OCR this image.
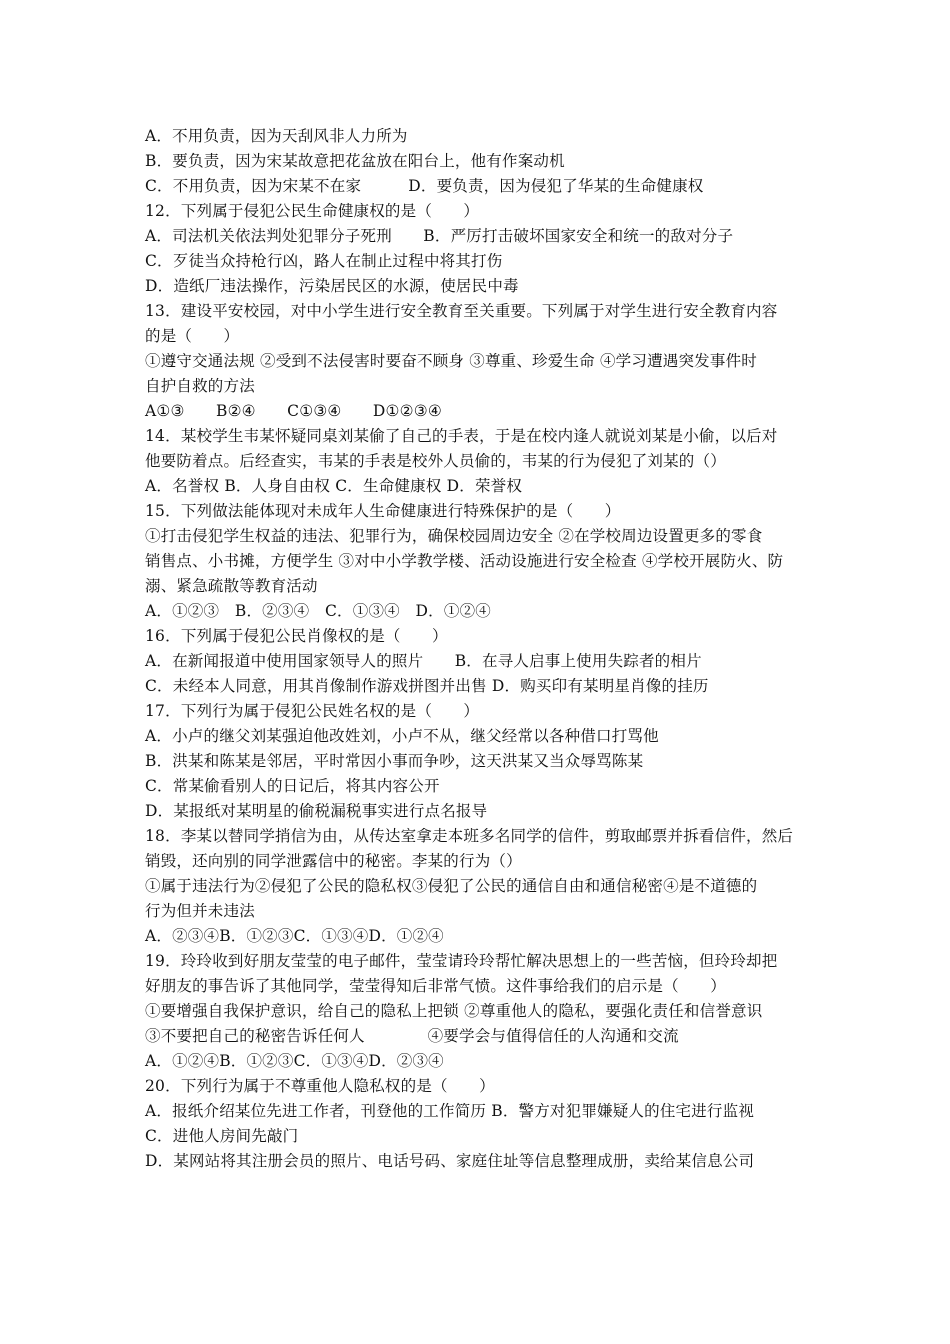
A．不用负责，因为天刮风非人力所为
B．要负责，因为宋某故意把花盆放在阳台上，他有作案动机
C．不用负责，因为宋某不在家　　　D．要负责，因为侵犯了华某的生命健康权
12．下列属于侵犯公民生命健康权的是（　　）
A．司法机关依法判处犯罪分子死刑　　B．严厉打击破坏国家安全和统一的敌对分子
C．歹徒当众持枪行凶，路人在制止过程中将其打伤
D．造纸厂违法操作，污染居民区的水源，使居民中毒
13．建设平安校园，对中小学生进行安全教育至关重要。下列属于对学生进行安全教育内容
的是（　　）
①遵守交通法规 ②受到不法侵害时要奋不顾身 ③尊重、珍爱生命 ④学习遭遇突发事件时
自护自救的方法
A①③　　B②④　　C①③④　　D①②③④
14．某校学生韦某怀疑同桌刘某偷了自己的手表，于是在校内逢人就说刘某是小偷，以后对
他要防着点。后经查实，韦某的手表是校外人员偷的，韦某的行为侵犯了刘某的（）
A．名誉权 B．人身自由权 C．生命健康权 D．荣誉权
15．下列做法能体现对未成年人生命健康进行特殊保护的是（　　）
①打击侵犯学生权益的违法、犯罪行为，确保校园周边安全 ②在学校周边设置更多的零食
销售点、小书摊，方便学生 ③对中小学教学楼、活动设施进行安全检查 ④学校开展防火、防
溺、紧急疏散等教育活动
A．①②③　B．②③④　C．①③④　D．①②④
16．下列属于侵犯公民肖像权的是（　　）
A．在新闻报道中使用国家领导人的照片　　B．在寻人启事上使用失踪者的相片
C．未经本人同意，用其肖像制作游戏拼图并出售 D．购买印有某明星肖像的挂历
17．下列行为属于侵犯公民姓名权的是（　　）
A．小卢的继父刘某强迫他改姓刘，小卢不从，继父经常以各种借口打骂他
B．洪某和陈某是邻居，平时常因小事而争吵，这天洪某又当众辱骂陈某
C．常某偷看别人的日记后，将其内容公开
D．某报纸对某明星的偷税漏税事实进行点名报导
18．李某以替同学捎信为由，从传达室拿走本班多名同学的信件，剪取邮票并拆看信件，然后
销毁，还向别的同学泄露信中的秘密。李某的行为（）
①属于违法行为②侵犯了公民的隐私权③侵犯了公民的通信自由和通信秘密④是不道德的
行为但并未违法
A．②③④B．①②③C．①③④D．①②④
19．玲玲收到好朋友莹莹的电子邮件，莹莹请玲玲帮忙解决思想上的一些苦恼，但玲玲却把
好朋友的事告诉了其他同学，莹莹得知后非常气愤。这件事给我们的启示是（　　）
①要增强自我保护意识，给自己的隐私上把锁 ②尊重他人的隐私，要强化责任和信誉意识
③不要把自己的秘密告诉任何人　　　　④要学会与值得信任的人沟通和交流
A．①②④B．①②③C．①③④D．②③④
20．下列行为属于不尊重他人隐私权的是（　　）
A．报纸介绍某位先进工作者，刊登他的工作简历 B．警方对犯罪嫌疑人的住宅进行监视
C．进他人房间先敲门
D．某网站将其注册会员的照片、电话号码、家庭住址等信息整理成册，卖给某信息公司
